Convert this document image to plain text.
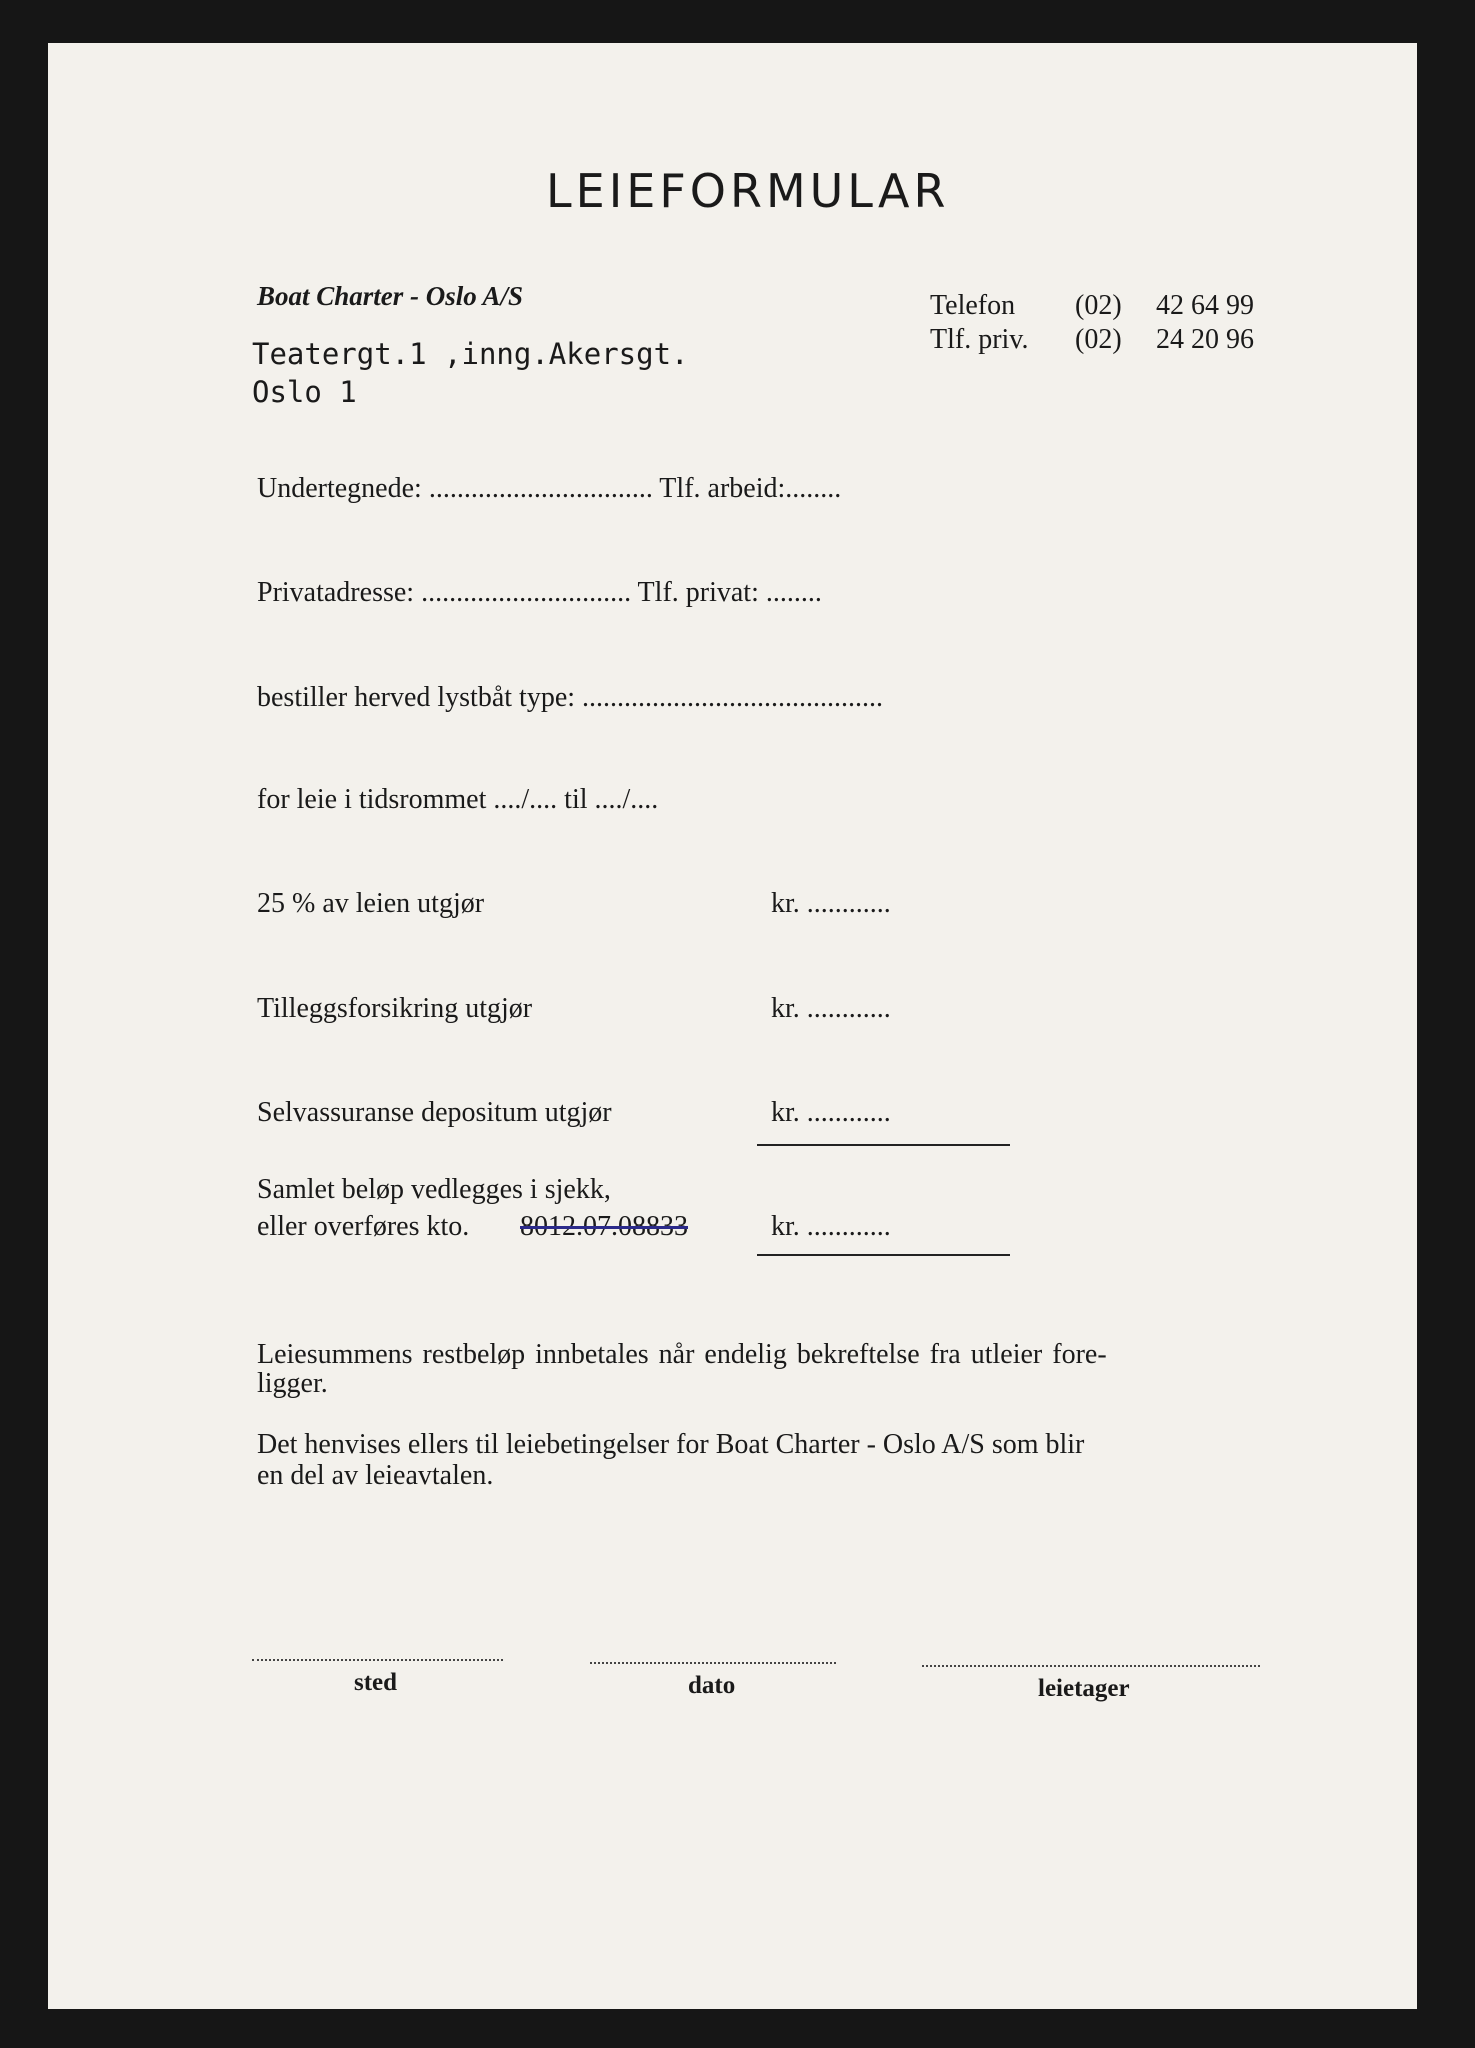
LEIEFORMULAR
Boat Charter - Oslo A/S
Teatergt.1 ,inng.Akersgt.
Oslo 1
Telefon (02) 42 64 99
Tlf. priv. (02) 24 20 96
Undertegnede: ................................ Tlf. arbeid:........
Privatadresse: .............................. Tlf. privat: ........
bestiller herved lystbåt type: ...........................................
for leie i tidsrommet ..../.... til ..../....
25 % av leien utgjør	kr. ............
Tilleggsforsikring utgjør	kr. ............
Selvassuranse depositum utgjør	kr. ............
Samlet beløp vedlegges i sjekk,
eller overføres kto. 8012.07.08833	kr. ............
Leiesummens restbeløp innbetales når endelig bekreftelse fra utleier fore-
ligger.
Det henvises ellers til leiebetingelser for Boat Charter - Oslo A/S som blir
en del av leieavtalen.
sted	dato	leietager
